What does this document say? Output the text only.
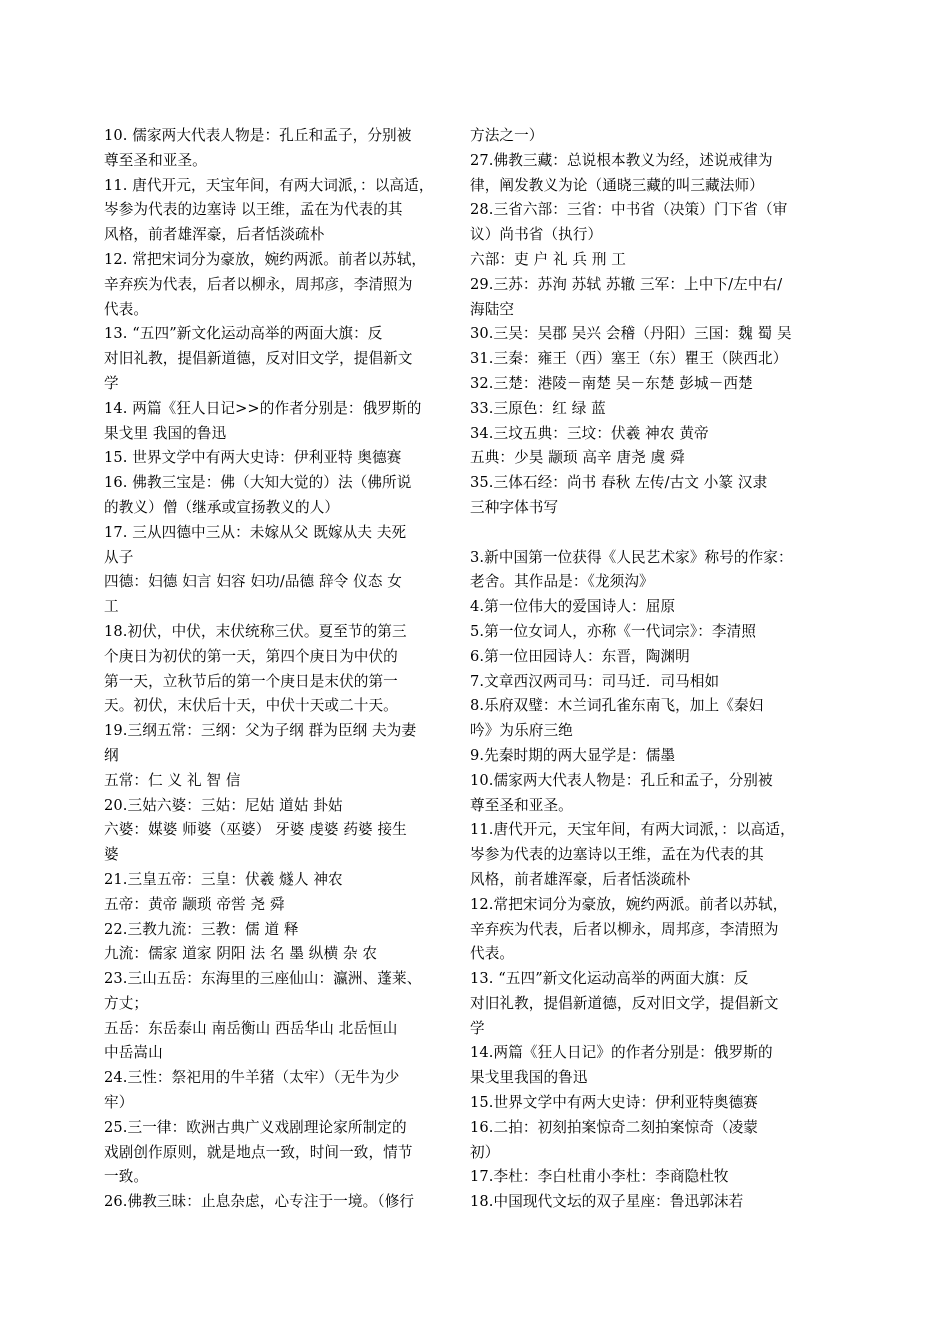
10. 儒家两大代表人物是：孔丘和孟子，分别被
尊至圣和亚圣。
11. 唐代开元，天宝年间，有两大词派，：以高适，
岑参为代表的边塞诗 以王维，孟在为代表的其
风格，前者雄浑豪，后者恬淡疏朴
12. 常把宋词分为豪放，婉约两派。前者以苏轼，
辛弃疾为代表，后者以柳永，周邦彦，李清照为
代表。
13. “五四”新文化运动高举的两面大旗：反
对旧礼教，提倡新道德，反对旧文学，提倡新文
学
14. 两篇《狂人日记>>的作者分别是：俄罗斯的
果戈里 我国的鲁迅
15. 世界文学中有两大史诗：伊利亚特 奥德赛
16. 佛教三宝是：佛（大知大觉的）法（佛所说
的教义）僧（继承或宣扬教义的人）
17. 三从四德中三从：未嫁从父 既嫁从夫 夫死
从子
四德：妇德 妇言 妇容 妇功/品德 辞令 仪态 女
工
18.初伏，中伏，末伏统称三伏。夏至节的第三
个庚日为初伏的第一天，第四个庚日为中伏的
第一天，立秋节后的第一个庚日是末伏的第一
天。初伏，末伏后十天，中伏十天或二十天。
19.三纲五常：三纲：父为子纲 群为臣纲 夫为妻
纲
五常：仁 义 礼 智 信
20.三姑六婆：三姑：尼姑 道姑 卦姑
六婆：媒婆 师婆（巫婆） 牙婆 虔婆 药婆 接生
婆
21.三皇五帝：三皇：伏羲 燧人 神农
五帝：黄帝 颛琐 帝喾 尧 舜
22.三教九流：三教：儒 道 释
九流：儒家 道家 阴阳 法 名 墨 纵横 杂 农
23.三山五岳：东海里的三座仙山：瀛洲、蓬莱、
方丈；
五岳：东岳泰山 南岳衡山 西岳华山 北岳恒山
中岳嵩山
24.三性：祭祀用的牛羊猪（太牢）（无牛为少
牢）
25.三一律：欧洲古典广义戏剧理论家所制定的
戏剧创作原则，就是地点一致，时间一致，情节
一致。
26.佛教三昧：止息杂虑，心专注于一境。（修行
方法之一）
27.佛教三藏：总说根本教义为经，述说戒律为
律，阐发教义为论（通晓三藏的叫三藏法师）
28.三省六部：三省：中书省（决策）门下省（审
议）尚书省（执行）
六部：吏 户 礼 兵 刑 工
29.三苏：苏洵 苏轼 苏辙 三军：上中下/左中右/
海陆空
30.三吴：吴郡 吴兴 会稽（丹阳）三国：魏 蜀 吴
31.三秦：雍王（西）塞王（东）瞿王（陕西北）
32.三楚：港陵－南楚 吴－东楚 彭城－西楚
33.三原色：红 绿 蓝
34.三坟五典：三坟：伏羲 神农 黄帝
五典：少昊 颛顼 高辛 唐尧 虞 舜
35.三体石经：尚书 春秋 左传/古文 小篆 汉隶
三种字体书写
3.新中国第一位获得《人民艺术家》称号的作家：
老舍。其作品是：《龙须沟》
4.第一位伟大的爱国诗人：屈原
5.第一位女词人，亦称《一代词宗》：李清照
6.第一位田园诗人：东晋，陶渊明
7.文章西汉两司马：司马迁．司马相如
8.乐府双璧：木兰词孔雀东南飞，加上《秦妇
吟》为乐府三绝
9.先秦时期的两大显学是：儒墨
10.儒家两大代表人物是：孔丘和孟子，分别被
尊至圣和亚圣。
11.唐代开元，天宝年间，有两大词派，：以高适，
岑参为代表的边塞诗以王维，孟在为代表的其
风格，前者雄浑豪，后者恬淡疏朴
12.常把宋词分为豪放，婉约两派。前者以苏轼，
辛弃疾为代表，后者以柳永，周邦彦，李清照为
代表。
13. “五四”新文化运动高举的两面大旗：反
对旧礼教，提倡新道德，反对旧文学，提倡新文
学
14.两篇《狂人日记》的作者分别是：俄罗斯的
果戈里我国的鲁迅
15.世界文学中有两大史诗：伊利亚特奥德赛
16.二拍：初刻拍案惊奇二刻拍案惊奇（凌蒙
初）
17.李杜：李白杜甫小李杜：李商隐杜牧
18.中国现代文坛的双子星座：鲁迅郭沫若
